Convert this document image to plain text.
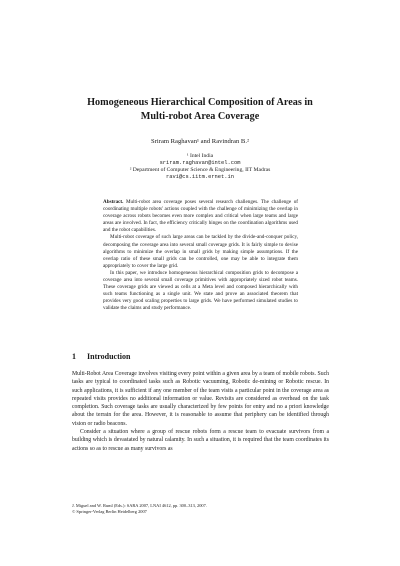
Homogeneous Hierarchical Composition of Areas in
Multi-robot Area Coverage
Sriram Raghavan¹ and Ravindran B.²
¹ Intel India
sriram.raghavan@intel.com
² Department of Computer Science & Engineering, IIT Madras
ravi@cs.iitm.ernet.in

Abstract. Multi-robot area coverage poses several research challenges. The challenge of coordinating multiple robots' actions coupled with the challenge of minimizing the overlap in coverage across robots becomes even more complex and critical when large teams and large areas are involved. In fact, the efficiency critically hinges on the coordination algorithms used and the robot capabilities.

Multi-robot coverage of such large areas can be tackled by the divide-and-conquer policy, decomposing the coverage area into several small coverage grids. It is fairly simple to devise algorithms to minimize the overlap in small grids by making simple assumptions. If the overlap ratio of these small grids can be controlled, one may be able to integrate them appropriately to cover the large grid.

In this paper, we introduce homogeneous hierarchical composition grids to decompose a coverage area into several small coverage primitives with appropriately sized robot teams. These coverage grids are viewed as cells at a Meta level and composed hierarchically with such teams functioning as a single unit. We state and prove an associated theorem that provides very good scaling properties to large grids. We have performed simulated studies to validate the claims and study performance.

1 Introduction

Multi-Robot Area Coverage involves visiting every point within a given area by a team of mobile robots. Such tasks are typical to coordinated tasks such as Robotic vacuuming, Robotic de-mining or Robotic rescue. In such applications, it is sufficient if any one member of the team visits a particular point in the coverage area as repeated visits provides no additional information or value. Revisits are considered as overhead on the task completion. Such coverage tasks are usually characterized by few points for entry and no a priori knowledge about the terrain for the area. However, it is reasonable to assume that periphery can be identified through vision or radio beacons.

Consider a situation where a group of rescue robots form a rescue team to evacuate survivors from a building which is devastated by natural calamity. In such a situation, it is required that the team coordinates its actions so as to rescue as many survivors as

J. Miguel and W. Ruml (Eds.): SARA 2007, LNAI 4612, pp. 300–313, 2007.
© Springer-Verlag Berlin Heidelberg 2007
